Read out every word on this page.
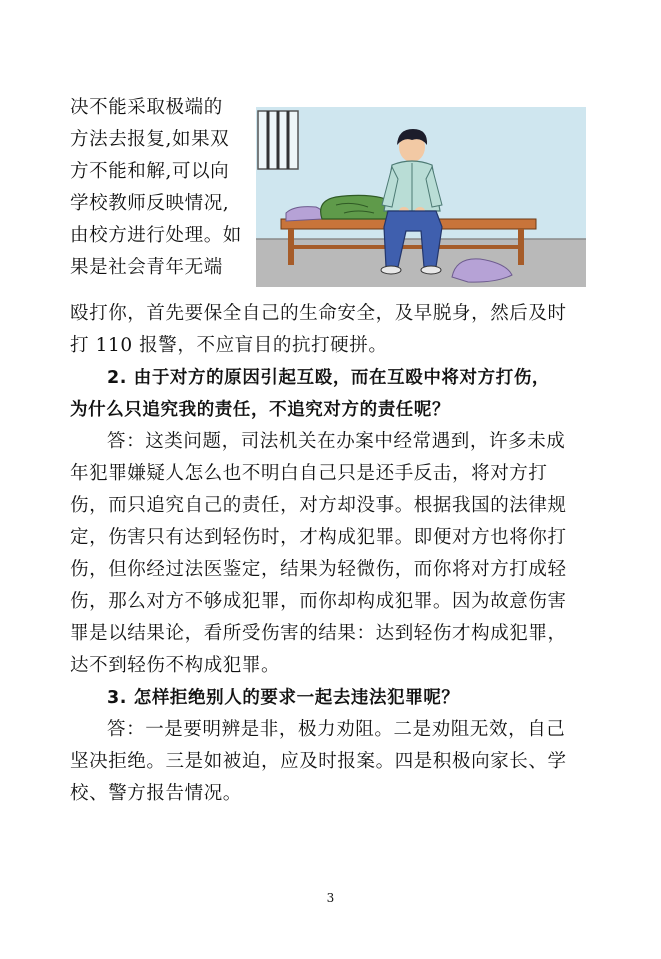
决不能采取极端的
方法去报复,如果双
方不能和解,可以向
学校教师反映情况,
由校方进行处理。如
果是社会青年无端
殴打你，首先要保全自己的生命安全，及早脱身，然后及时
打 110 报警，不应盲目的抗打硬拼。
2. 由于对方的原因引起互殴，而在互殴中将对方打伤，
为什么只追究我的责任，不追究对方的责任呢？
答：这类问题，司法机关在办案中经常遇到，许多未成
年犯罪嫌疑人怎么也不明白自己只是还手反击，将对方打
伤，而只追究自己的责任，对方却没事。根据我国的法律规
定，伤害只有达到轻伤时，才构成犯罪。即便对方也将你打
伤，但你经过法医鉴定，结果为轻微伤，而你将对方打成轻
伤，那么对方不够成犯罪，而你却构成犯罪。因为故意伤害
罪是以结果论，看所受伤害的结果：达到轻伤才构成犯罪，
达不到轻伤不构成犯罪。
3. 怎样拒绝别人的要求一起去违法犯罪呢？
答：一是要明辨是非，极力劝阻。二是劝阻无效，自己
坚决拒绝。三是如被迫，应及时报案。四是积极向家长、学
校、警方报告情况。
3
